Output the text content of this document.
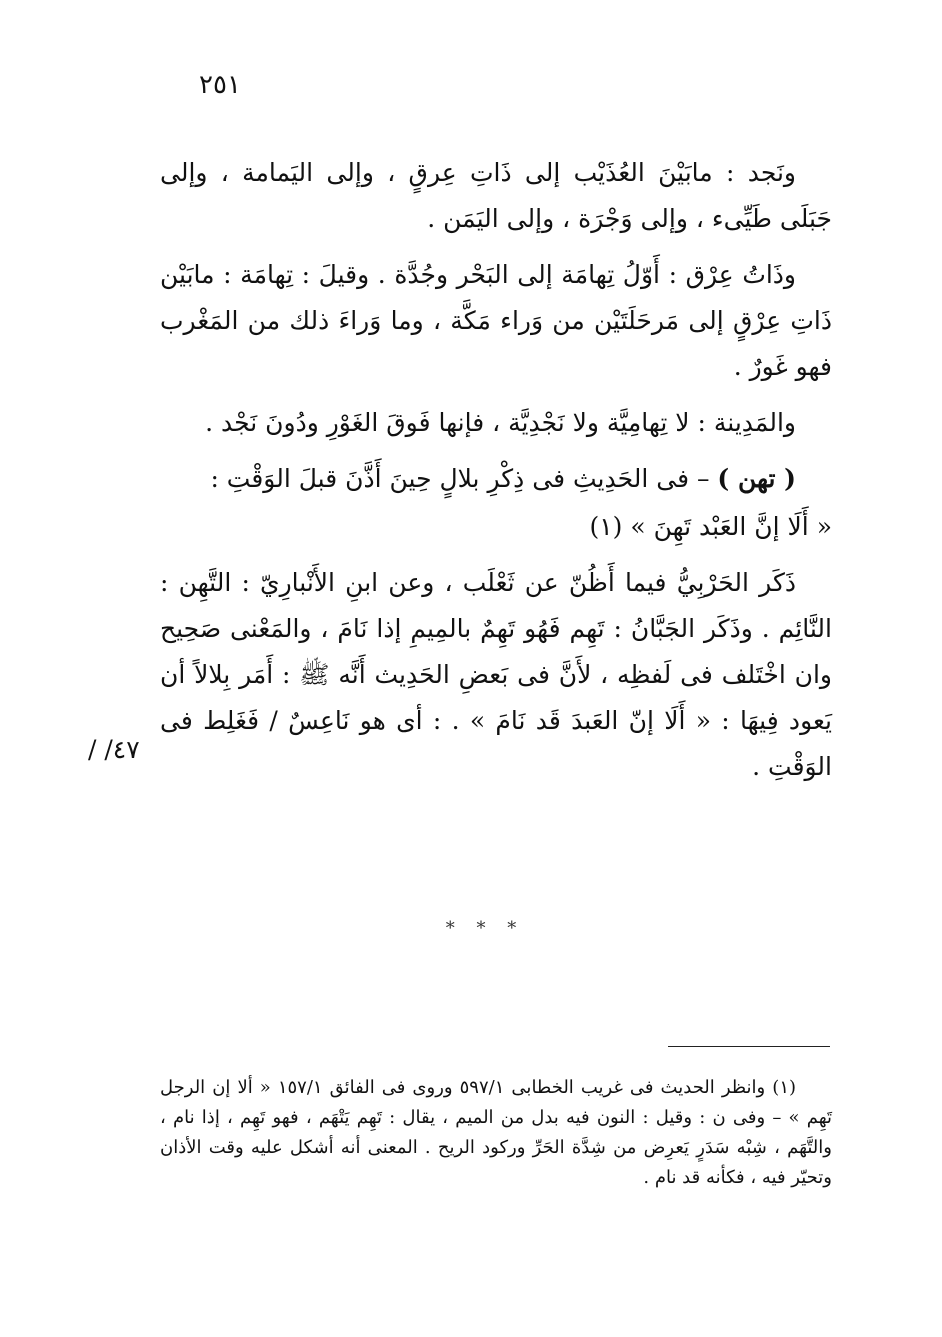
٢٥١

ونَجد : مابَيْنَ العُذَيْب إلى ذَاتِ عِرقٍ ، وإلى اليَمامة ، وإلى جَبَلَى طَيِّىء ، وإلى وَجْرَة ، وإلى اليَمَن .

وذَاتُ عِرْق : أَوّلُ تِهامَة إلى البَحْر وجُدَّة . وقيلَ : تِهامَة : مابَيْن ذَاتِ عِرْقٍ إلى مَرحَلَتَيْن من وَراء مَكَّة ، وما وَراءَ ذلك من المَغْرب فهو غَورٌ .

والمَدِينة : لا تِهامِيَّة ولا نَجْدِيَّة ، فإنها فَوقَ الغَوْرِ ودُونَ نَجْد .

( تهن ) – فى الحَدِيثِ فى ذِكْرِ بلالٍ حِينَ أَذَّنَ قبلَ الوَقْتِ :

« أَلَا إنَّ العَبْد تَهِنَ » (١)

ذَكَر الحَرْبِيُّ فيما أَظُنّ عن ثَعْلَب ، وعن ابنِ الأَنْبارِيّ : التَّهِن : النَّائِم . وذَكَر الجَبَّانُ : تَهِم فَهُو تَهِمٌ بالمِيمِ إذا نَامَ ، والمَعْنى صَحِيح وان اخْتَلف فى لَفظِه ، لأَنَّ فى بَعضِ الحَدِيث أَنَّه ﷺ : أَمَر بِلالاً أن يَعود فِيهَا : « أَلَا إنّ العَبدَ قَد نَامَ » . : أى هو نَاعِسٌ / فَغَلِط فى الوَقْتِ .

٤٧/ /
* * *

(١) وانظر الحديث فى غريب الخطابى ٥٩٧/١ وروى فى الفائق ١٥٧/١ « ألا إن الرجل تَهِم » – وفى ن : وقيل : النون فيه بدل من الميم ، يقال : تَهِم يَتْهَم ، فهو تَهِم ، إذا نام ، والتَّهَم ، شِبْه سَدَرٍ يَعرِض من شِدَّة الحَرِّ وركود الريح . المعنى أنه أشكل عليه وقت الأذان وتحيّر فيه ، فكأنه قد نام .
